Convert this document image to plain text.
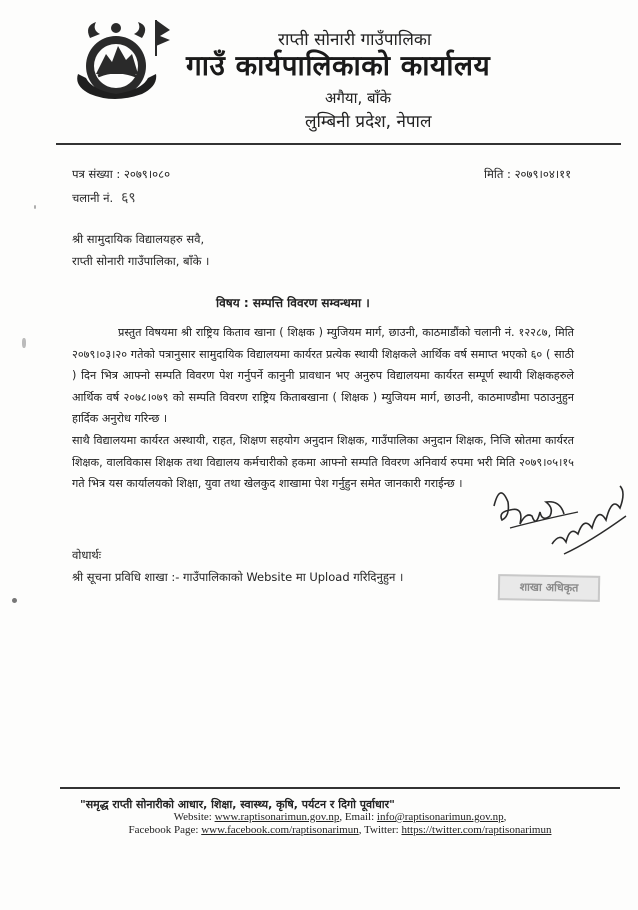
राप्ती सोनारी गाउँपालिका
गाउँ कार्यपालिकाको कार्यालय
अगैया, बाँके
लुम्बिनी प्रदेश, नेपाल
पत्र संख्या : २०७९।०८०
चलानी नं. ६९
मिति : २०७९।०४।११
श्री सामुदायिक विद्यालयहरु सवै,
राप्ती सोनारी गाउँपालिका, बाँके ।
विषय : सम्पत्ति विवरण सम्वन्धमा ।
प्रस्तुत विषयमा श्री राष्ट्रिय किताव खाना ( शिक्षक ) म्युजियम मार्ग, छाउनी, काठमाडौंको चलानी नं. १२२८७, मिति २०७९।०३।२० गतेको पत्रानुसार सामुदायिक विद्यालयमा कार्यरत प्रत्येक स्थायी शिक्षकले आर्थिक वर्ष समाप्त भएको ६० ( साठी ) दिन भित्र आफ्नो सम्पति विवरण पेश गर्नुपर्ने कानुनी प्रावधान भए अनुरुप विद्यालयमा कार्यरत सम्पूर्ण स्थायी शिक्षकहरुले आर्थिक वर्ष २०७८।०७९ को सम्पति विवरण राष्ट्रिय किताबखाना ( शिक्षक ) म्युजियम मार्ग, छाउनी, काठमाण्डौमा पठाउनुहुन हार्दिक अनुरोध गरिन्छ ।
साथै विद्यालयमा कार्यरत अस्थायी, राहत, शिक्षण सहयोग अनुदान शिक्षक, गाउँपालिका अनुदान शिक्षक, निजि स्रोतमा कार्यरत शिक्षक, वालविकास शिक्षक तथा विद्यालय कर्मचारीको हकमा आफ्नो सम्पति विवरण अनिवार्य रुपमा भरी मिति २०७९।०५।१५ गते भित्र यस कार्यालयको शिक्षा, युवा तथा खेलकुद शाखामा पेश गर्नुहुन समेत जानकारी गराईन्छ ।
वोधार्थः
श्री सूचना प्रविधि शाखा :- गाउँपालिकाको Website मा Upload गरिदिनुहुन ।
शाखा अधिकृत
"समृद्ध राप्ती सोनारीको आधार, शिक्षा, स्वास्थ्य, कृषि, पर्यटन र दिगो पूर्वाधार"
Website: www.raptisonarimun.gov.np, Email: info@raptisonarimun.gov.np,
Facebook Page: www.facebook.com/raptisonarimun, Twitter: https://twitter.com/raptisonarimun
